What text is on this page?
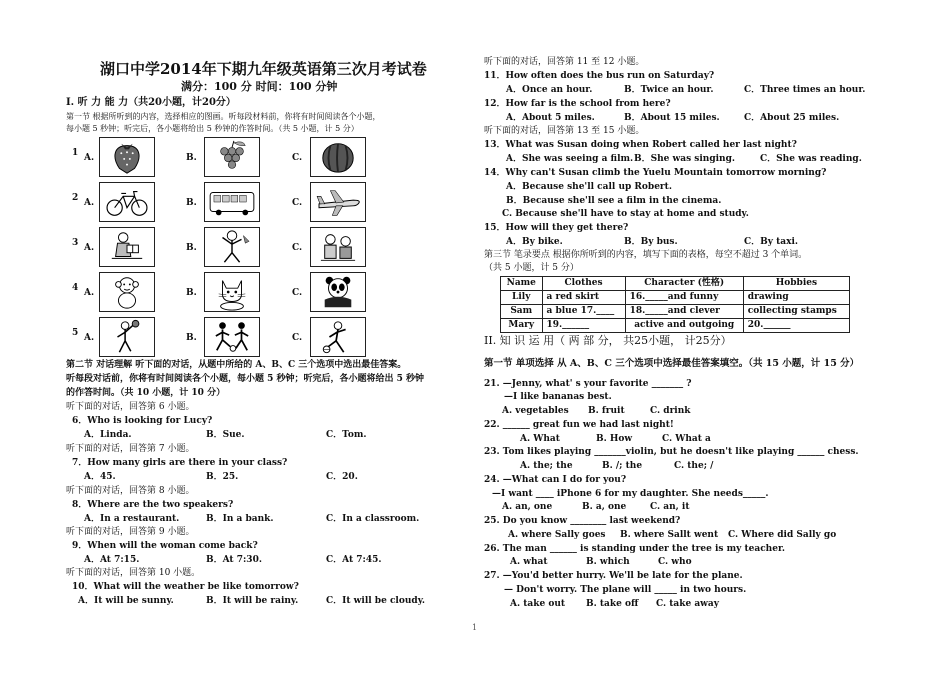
湖口中学2014年下期九年级英语第三次月考试卷
满分：100 分 时间：100 分钟
I. 听 力 能 力（共20小题，计20分）
第一节 根据所听到的内容，选择相应的图画。听每段材料前，你将有时间阅读各个小题，
每小题 5 秒钟；听完后，各小题将给出 5 秒钟的作答时间。（共 5 小题，计 5 分）
1 A.	B.	C.
2 A.	B.	C.
3 A.	B.	C.
4 A.	B.	C.
5 A.	B.	C.
第二节 对话理解 听下面的对话，从题中所给的 A、B、C 三个选项中选出最佳答案。
听每段对话前，你将有时间阅读各个小题，每小题 5 秒钟；听完后，各小题将给出 5 秒钟
的作答时间。（共 10 小题，计 10 分）
听下面的对话，回答第 6 小题。
6．Who is looking for Lucy?
A．Linda.	B．Sue.	C．Tom.
听下面的对话，回答第 7 小题。
7．How many girls are there in your class?
A．45.	B．25.	C．20.
听下面的对话，回答第 8 小题。
8．Where are the two speakers?
A．In a restaurant.	B．In a bank.	C．In a classroom.
听下面的对话，回答第 9 小题。
9．When will the woman come back?
A．At 7:15.	B．At 7:30.	C．At 7:45.
听下面的对话，回答第 10 小题。
10．What will the weather be like tomorrow?
A．It will be sunny.	B．It will be rainy.	C．It will be cloudy.
听下面的对话，回答第 11 至 12 小题。
11．How often does the bus run on Saturday?
A．Once an hour.	B．Twice an hour.	C．Three times an hour.
12．How far is the school from here?
A．About 5 miles.	B．About 15 miles.	C．About 25 miles.
听下面的对话，回答第 13 至 15 小题。
13．What was Susan doing when Robert called her last night?
A．She was seeing a film. B．She was singing.	C．She was reading.
14．Why can't Susan climb the Yuelu Mountain tomorrow morning?
A．Because she'll call up Robert.
B．Because she'll see a film in the cinema.
C. Because she'll have to stay at home and study.
15．How will they get there?
A．By bike.	B．By bus.	C．By taxi.
第三节 笔录要点 根据你所听到的内容，填写下面的表格，每空不超过 3 个单词。
（共 5 小题，计 5 分）
Name	Clothes	Character (性格)	Hobbies
Lily	a red skirt	16._____and funny	drawing
Sam	a blue 17.____	18._____and clever	collecting stamps
Mary	19.______	active and outgoing	20.______
II. 知 识 运 用（ 两 部 分， 共25小题， 计25分）
第一节 单项选择 从 A、B、C 三个选项中选择最佳答案填空。（共 15 小题，计 15 分）
21. —Jenny, what' s your favorite _______ ?
—I like bananas best.
A. vegetables B. fruit	C. drink
22. ______ great fun we had last night!
A. What	B. How	C. What a
23. Tom likes playing _______violin, but he doesn't like playing ______ chess.
A. the; the	B. /; the	C. the; /
24. —What can I do for you?
—I want ____ iPhone 6 for my daughter. She needs_____.
A. an, one	B. a, one	C. an, it
25. Do you know ________ last weekend?
A. where Sally goes B. where Sallt went C. Where did Sally go
26. The man ______ is standing under the tree is my teacher.
A. what	B. which	C. who
27. —You'd better hurry. We'll be late for the plane.
— Don't worry. The plane will _____ in two hours.
A. take out B. take off C. take away
1
